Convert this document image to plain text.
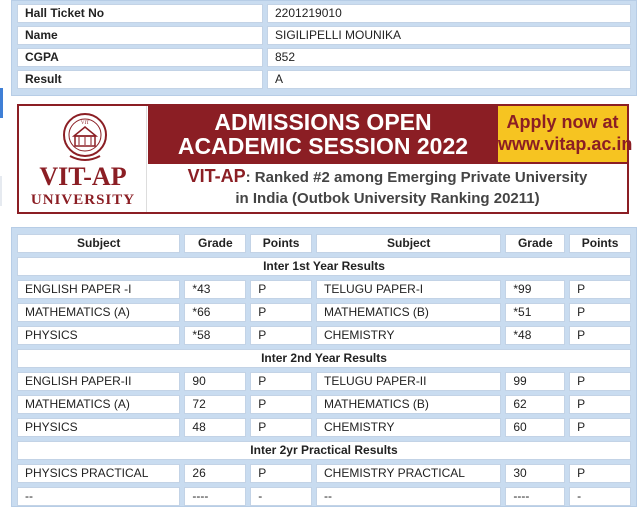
Hall Ticket No	2201219010
Name	SIGILIPELLI MOUNIKA
CGPA	852
Result	A
VIT
VIT-AP
UNIVERSITY
ADMISSIONS OPEN
ACADEMIC SESSION 2022
Apply now at
www.vitap.ac.in
VIT-AP: Ranked #2 among Emerging Private University
in India (Outbok University Ranking 20211)
Subject	Grade	Points	Subject	Grade	Points
Inter 1st Year Results
ENGLISH PAPER -I	*43	P	TELUGU PAPER-I	*99	P
MATHEMATICS (A)	*66	P	MATHEMATICS (B)	*51	P
PHYSICS	*58	P	CHEMISTRY	*48	P
Inter 2nd Year Results
ENGLISH PAPER-II	90	P	TELUGU PAPER-II	99	P
MATHEMATICS (A)	72	P	MATHEMATICS (B)	62	P
PHYSICS	48	P	CHEMISTRY	60	P
Inter 2yr Practical Results
PHYSICS PRACTICAL	26	P	CHEMISTRY PRACTICAL	30	P
--	----	-	--	----	-
